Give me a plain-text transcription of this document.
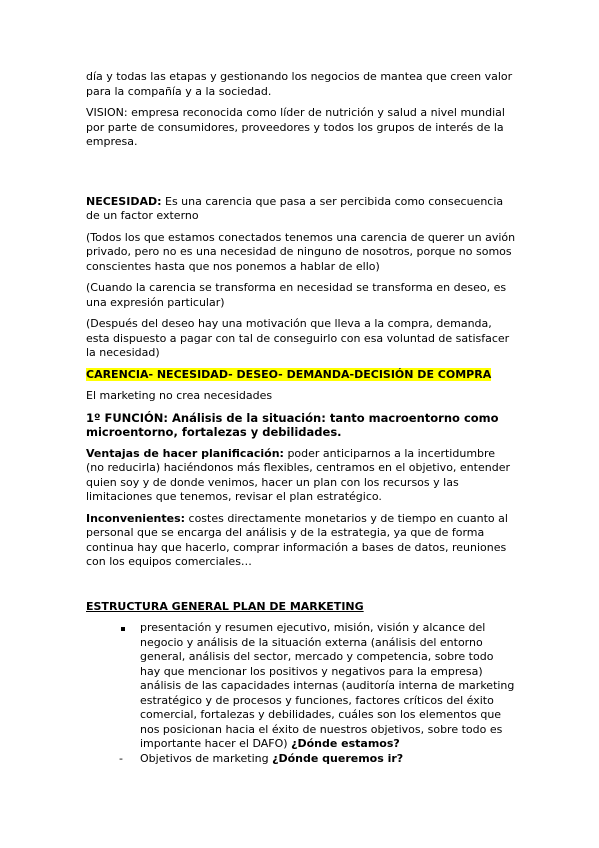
día y todas las etapas y gestionando los negocios de mantea que creen valor para la compañía y a la sociedad.

VISION: empresa reconocida como líder de nutrición y salud a nivel mundial por parte de consumidores, proveedores y todos los grupos de interés de la empresa.

NECESIDAD: Es una carencia que pasa a ser percibida como consecuencia de un factor externo

(Todos los que estamos conectados tenemos una carencia de querer un avión privado, pero no es una necesidad de ninguno de nosotros, porque no somos conscientes hasta que nos ponemos a hablar de ello)

(Cuando la carencia se transforma en necesidad se transforma en deseo, es una expresión particular)

(Después del deseo hay una motivación que lleva a la compra, demanda, esta dispuesto a pagar con tal de conseguirlo con esa voluntad de satisfacer la necesidad)

CARENCIA- NECESIDAD- DESEO- DEMANDA-DECISIÓN DE COMPRA

El marketing no crea necesidades

1º FUNCIÓN: Análisis de la situación: tanto macroentorno como microentorno, fortalezas y debilidades.

Ventajas de hacer planificación: poder anticiparnos a la incertidumbre (no reducirla) haciéndonos más flexibles, centramos en el objetivo, entender quien soy y de donde venimos, hacer un plan con los recursos y las limitaciones que tenemos, revisar el plan estratégico.

Inconvenientes: costes directamente monetarios y de tiempo en cuanto al personal que se encarga del análisis y de la estrategia, ya que de forma continua hay que hacerlo, comprar información a bases de datos, reuniones con los equipos comerciales…

ESTRUCTURA GENERAL PLAN DE MARKETING

presentación y resumen ejecutivo, misión, visión y alcance del negocio y análisis de la situación externa (análisis del entorno general, análisis del sector, mercado y competencia, sobre todo hay que mencionar los positivos y negativos para la empresa) análisis de las capacidades internas (auditoría interna de marketing estratégico y de procesos y funciones, factores críticos del éxito comercial, fortalezas y debilidades, cuáles son los elementos que nos posicionan hacia el éxito de nuestros objetivos, sobre todo es importante hacer el DAFO) ¿Dónde estamos?
-	Objetivos de marketing ¿Dónde queremos ir?
